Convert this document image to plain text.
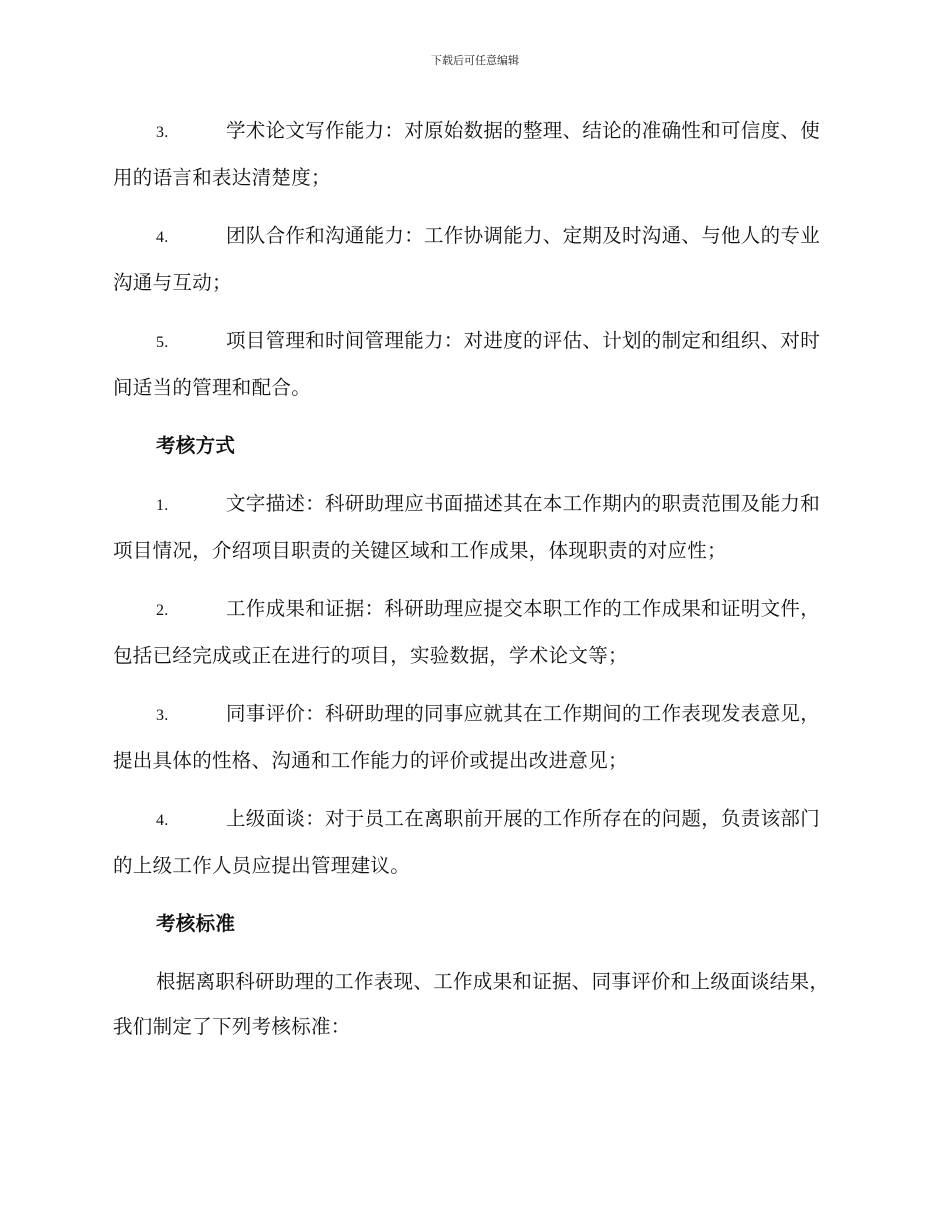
下载后可任意编辑

3.	学术论文写作能力：对原始数据的整理、结论的准确性和可信度、使用的语言和表达清楚度；

4.	团队合作和沟通能力：工作协调能力、定期及时沟通、与他人的专业沟通与互动；

5.	项目管理和时间管理能力：对进度的评估、计划的制定和组织、对时间适当的管理和配合。

考核方式

1.	文字描述：科研助理应书面描述其在本工作期内的职责范围及能力和项目情况，介绍项目职责的关键区域和工作成果，体现职责的对应性；

2.	工作成果和证据：科研助理应提交本职工作的工作成果和证明文件，包括已经完成或正在进行的项目，实验数据，学术论文等；

3.	同事评价：科研助理的同事应就其在工作期间的工作表现发表意见，提出具体的性格、沟通和工作能力的评价或提出改进意见；

4.	上级面谈：对于员工在离职前开展的工作所存在的问题，负责该部门的上级工作人员应提出管理建议。

考核标准

根据离职科研助理的工作表现、工作成果和证据、同事评价和上级面谈结果，我们制定了下列考核标准：
